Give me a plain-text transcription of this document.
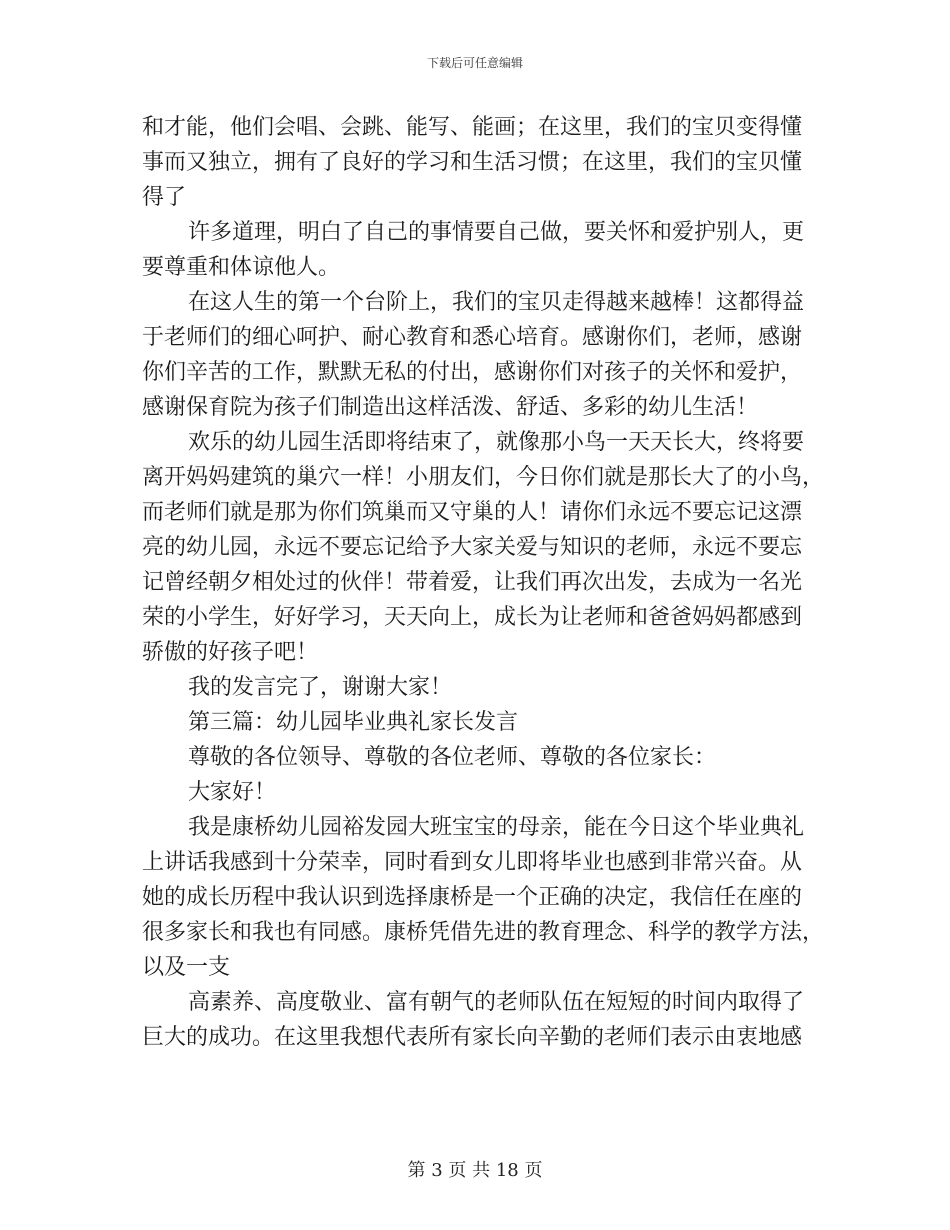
下载后可任意编辑
和才能，他们会唱、会跳、能写、能画；在这里，我们的宝贝变得懂
事而又独立，拥有了良好的学习和生活习惯；在这里，我们的宝贝懂
得了
许多道理，明白了自己的事情要自己做，要关怀和爱护别人，更
要尊重和体谅他人。
在这人生的第一个台阶上，我们的宝贝走得越来越棒！这都得益
于老师们的细心呵护、耐心教育和悉心培育。感谢你们，老师，感谢
你们辛苦的工作，默默无私的付出，感谢你们对孩子的关怀和爱护，
感谢保育院为孩子们制造出这样活泼、舒适、多彩的幼儿生活！
欢乐的幼儿园生活即将结束了，就像那小鸟一天天长大，终将要
离开妈妈建筑的巢穴一样！小朋友们，今日你们就是那长大了的小鸟，
而老师们就是那为你们筑巢而又守巢的人！请你们永远不要忘记这漂
亮的幼儿园，永远不要忘记给予大家关爱与知识的老师，永远不要忘
记曾经朝夕相处过的伙伴！带着爱，让我们再次出发，去成为一名光
荣的小学生，好好学习，天天向上，成长为让老师和爸爸妈妈都感到
骄傲的好孩子吧！
我的发言完了，谢谢大家！
第三篇：幼儿园毕业典礼家长发言
尊敬的各位领导、尊敬的各位老师、尊敬的各位家长：
大家好！
我是康桥幼儿园裕发园大班宝宝的母亲，能在今日这个毕业典礼
上讲话我感到十分荣幸，同时看到女儿即将毕业也感到非常兴奋。从
她的成长历程中我认识到选择康桥是一个正确的决定，我信任在座的
很多家长和我也有同感。康桥凭借先进的教育理念、科学的教学方法，
以及一支
高素养、高度敬业、富有朝气的老师队伍在短短的时间内取得了
巨大的成功。在这里我想代表所有家长向辛勤的老师们表示由衷地感
第 3 页 共 18 页
